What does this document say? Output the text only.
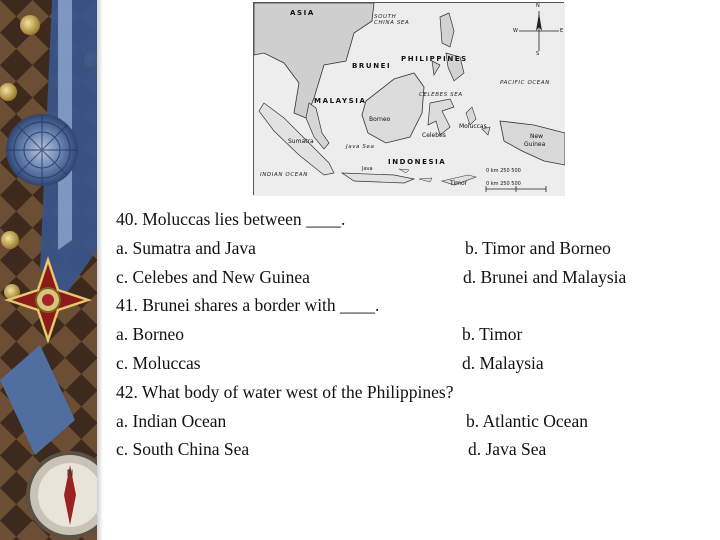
N
ASIA	SOUTH CHINA SEA
PHILIPPINES
BRUNEI
PACIFIC OCEAN
CELEBES SEA
MALAYSIA
Borneo
Moluccas
Celebes
Sumatra
Java Sea
New
Guinea
INDONESIA
Java
INDIAN OCEAN
Timor
N
S
E
W
0 km 250 500
0 km 250 500
40. Moluccas lies between ____.
a. Sumatra and Java	b. Timor and Borneo
c. Celebes and New Guinea	d. Brunei and Malaysia
41. Brunei shares a border with ____.
a. Borneo	b. Timor
c. Moluccas	d. Malaysia
42. What body of water west of the Philippines?
a. Indian Ocean	b. Atlantic Ocean
c. South China Sea	d. Java Sea
